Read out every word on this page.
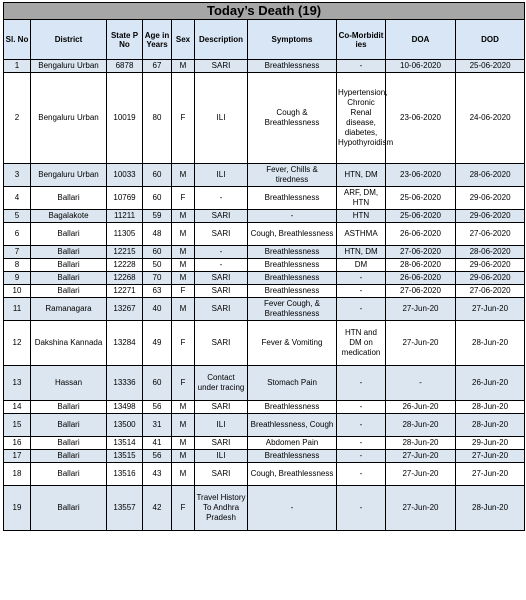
Today’s Death (19)									
Sl. No	District	State P No	Age in Years	Sex	Description	Symptoms	Co-Morbidit ies	DOA	DOD
1	Bengaluru Urban	6878	67	M	SARI	Breathlessness	-	10-06-2020	25-06-2020
2	Bengaluru Urban	10019	80	F	ILI	Cough & Breathlessness	Hypertension, Chronic Renal disease, diabetes, Hypothyroidism	23-06-2020	24-06-2020
3	Bengaluru Urban	10033	60	M	ILI	Fever, Chills & tiredness	HTN, DM	23-06-2020	28-06-2020
4	Ballari	10769	60	F	-	Breathlessness	ARF, DM, HTN	25-06-2020	29-06-2020
5	Bagalakote	11211	59	M	SARI	-	HTN	25-06-2020	29-06-2020
6	Ballari	11305	48	M	SARI	Cough, Breathlessness	ASTHMA	26-06-2020	27-06-2020
7	Ballari	12215	60	M	-	Breathlessness	HTN, DM	27-06-2020	28-06-2020
8	Ballari	12228	50	M	-	Breathlessness	DM	28-06-2020	29-06-2020
9	Ballari	12268	70	M	SARI	Breathlessness	-	26-06-2020	29-06-2020
10	Ballari	12271	63	F	SARI	Breathlessness	-	27-06-2020	27-06-2020
11	Ramanagara	13267	40	M	SARI	Fever Cough, & Breathlessness	-	27-Jun-20	27-Jun-20
12	Dakshina Kannada	13284	49	F	SARI	Fever & Vomiting	HTN and DM on medication	27-Jun-20	28-Jun-20
13	Hassan	13336	60	F	Contact under tracing	Stomach Pain	-	-	26-Jun-20
14	Ballari	13498	56	M	SARI	Breathlessness	-	26-Jun-20	28-Jun-20
15	Ballari	13500	31	M	ILI	Breathlessness, Cough	-	28-Jun-20	28-Jun-20
16	Ballari	13514	41	M	SARI	Abdomen Pain	-	28-Jun-20	29-Jun-20
17	Ballari	13515	56	M	ILI	Breathlessness	-	27-Jun-20	27-Jun-20
18	Ballari	13516	43	M	SARI	Cough, Breathlessness	-	27-Jun-20	27-Jun-20
19	Ballari	13557	42	F	Travel History To Andhra Pradesh	-	-	27-Jun-20	28-Jun-20
